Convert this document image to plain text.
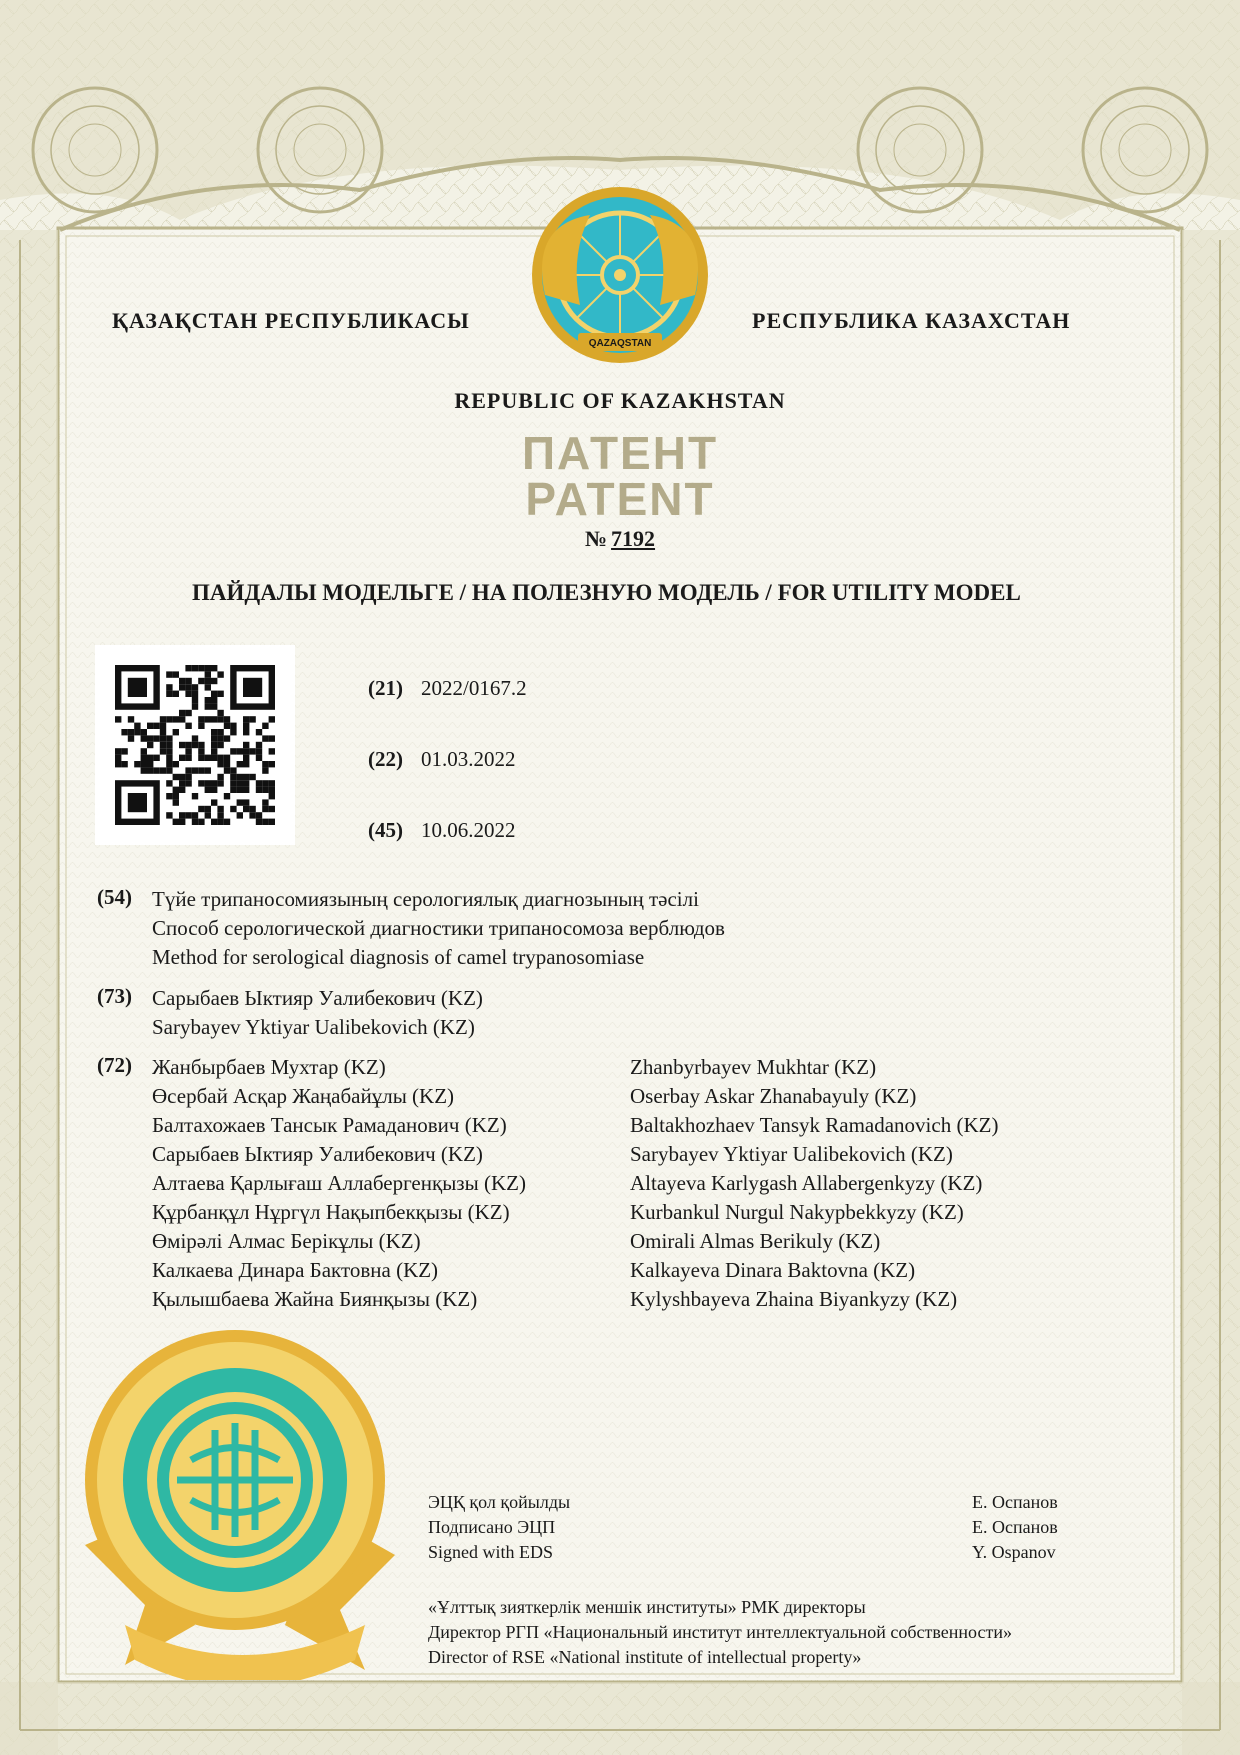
QAZAQSTAN
ҚАЗАҚСТАН РЕСПУБЛИКАСЫ	РЕСПУБЛИКА КАЗАХСТАН
REPUBLIC OF KAZAKHSTAN
ПАТЕНТ
PATENT
№ 7192
ПАЙДАЛЫ МОДЕЛЬГЕ / НА ПОЛЕЗНУЮ МОДЕЛЬ / FOR UTILITY MODEL
(21) 2022/0167.2
(22) 01.03.2022
(45) 10.06.2022
(54) Түйе трипаносомиязының серологиялық диагнозының тәсілі
Способ серологической диагностики трипаносомоза верблюдов
Method for serological diagnosis of camel trypanosomiase
(73) Сарыбаев Ыктияр Уалибекович (KZ)
Sarybayev Yktiyar Ualibekovich (KZ)
(72) Жанбырбаев Мухтар (KZ)
Өсербай Асқар Жаңабайұлы (KZ)
Балтахожаев Тансык Рамаданович (KZ)
Сарыбаев Ыктияр Уалибекович (KZ)
Алтаева Қарлығаш Аллабергенқызы (KZ)
Құрбанқұл Нұргүл Нақыпбекқызы (KZ)
Өмірәлі Алмас Берікұлы (KZ)
Калкаева Динара Бактовна (KZ)
Қылышбаева Жайна Биянқызы (KZ)
Zhanbyrbayev Mukhtar (KZ)
Oserbay Askar Zhanabayuly (KZ)
Baltakhozhaev Tansyk Ramadanovich (KZ)
Sarybayev Yktiyar Ualibekovich (KZ)
Altayeva Karlygash Allabergenkyzy (KZ)
Kurbankul Nurgul Nakypbekkyzy (KZ)
Omirali Almas Berikuly (KZ)
Kalkayeva Dinara Baktovna (KZ)
Kylyshbayeva Zhaina Biyankyzy (KZ)
ЭЦҚ қол қойылды
Подписано ЭЦП
Signed with EDS
Е. Оспанов
Е. Оспанов
Y. Ospanov
«Ұлттық зияткерлік меншік институты» РМК директоры
Директор РГП «Национальный институт интеллектуальной собственности»
Director of RSE «National institute of intellectual property»
